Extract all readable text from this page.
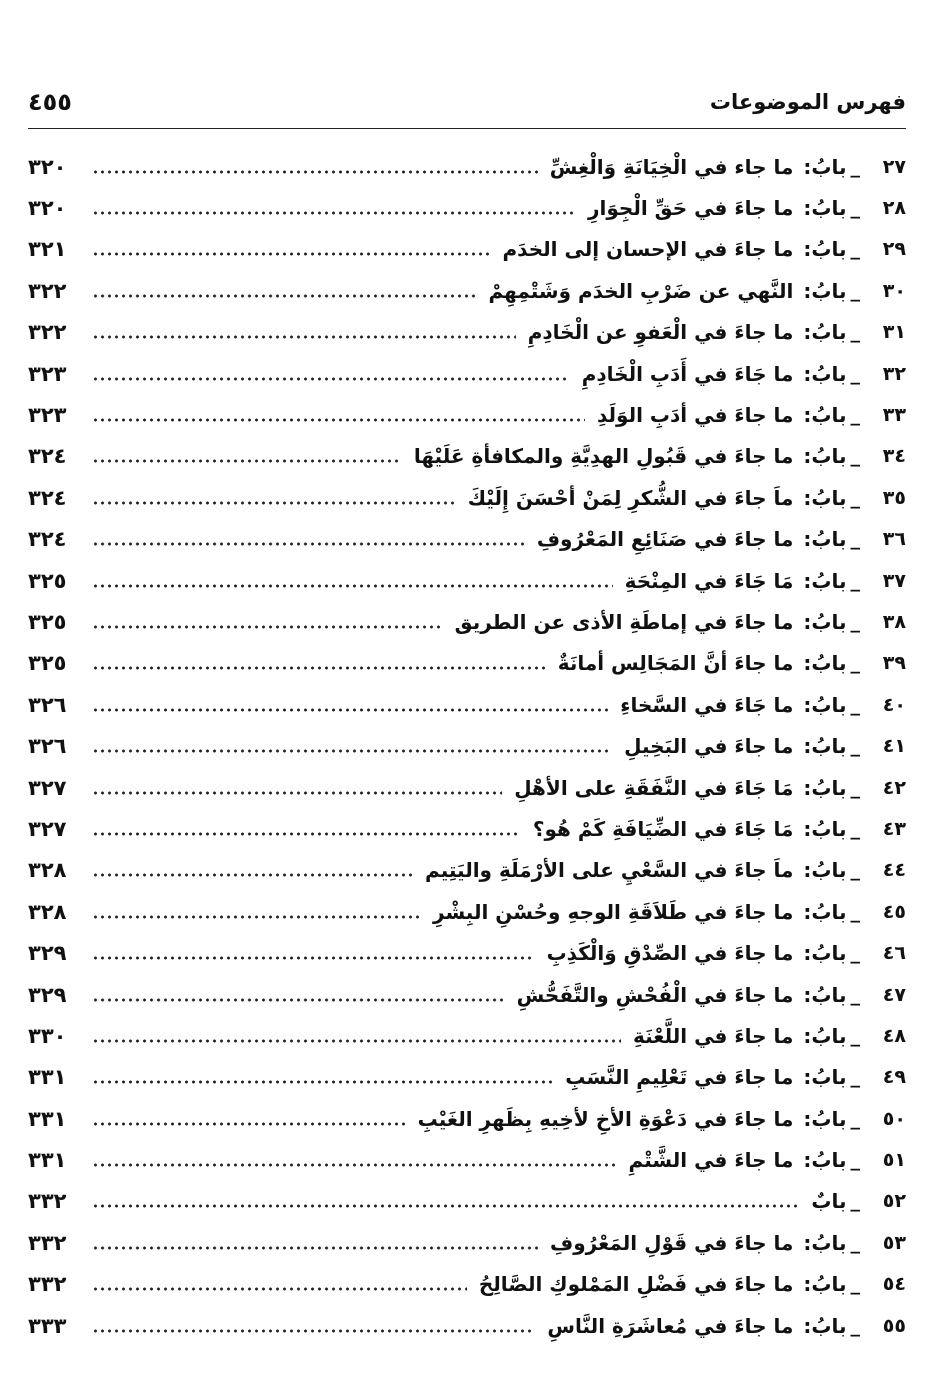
فهرس الموضوعات
٤٥٥
٢٧
_
بابُ
:
ما جاء في الْخِيَانَةِ وَالْغِشِّ
٣٢٠
٢٨
_
بابُ
:
ما جاءَ في حَقِّ الْجِوَارِ
٣٢٠
٢٩
_
بابُ
:
ما جاءَ في الإحسان إلى الخدَم
٣٢١
٣٠
_
بابُ
:
النَّهي عن ضَرْبِ الخدَم وَشَتْمِهِمْ
٣٢٢
٣١
_
بابُ
:
ما جاءَ في الْعَفوِ عن الْخَادِمِ
٣٢٢
٣٢
_
بابُ
:
ما جَاءَ في أَدَبِ الْخَادِمِ
٣٢٣
٣٣
_
بابُ
:
ما جاءَ في أدَبِ الوَلَدِ
٣٢٣
٣٤
_
بابُ
:
ما جاءَ في قَبُولِ الهدِيَّةِ والمكافأةِ عَلَيْهَا
٣٢٤
٣٥
_
بابُ
:
ماَ جاءَ في الشُّكرِ لِمَنْ أحْسَنَ إِلَيْكَ
٣٢٤
٣٦
_
بابُ
:
ما جاءَ في صَنَائِعِ المَعْرُوفِ
٣٢٤
٣٧
_
بابُ
:
مَا جَاءَ في المِنْحَةِ
٣٢٥
٣٨
_
بابُ
:
ما جاءَ في إماطَةِ الأذى عن الطريق
٣٢٥
٣٩
_
بابُ
:
ما جاءَ أنَّ المَجَالِس أمانَةٌ
٣٢٥
٤٠
_
بابُ
:
ما جَاءَ في السَّخاءِ
٣٢٦
٤١
_
بابُ
:
ما جاءَ في البَخِيلِ
٣٢٦
٤٢
_
بابُ
:
مَا جَاءَ في النَّفَقَةِ على الأهْلِ
٣٢٧
٤٣
_
بابُ
:
مَا جَاءَ في الضِّيَافَةِ كَمْ هُو؟
٣٢٧
٤٤
_
بابُ
:
ماَ جاءَ في السَّعْيِ على الأرْمَلَةِ واليَتِيم
٣٢٨
٤٥
_
بابُ
:
ما جاءَ في طَلاَقَةِ الوجهِ وحُسْنِ البِشْرِ
٣٢٨
٤٦
_
بابُ
:
ما جاءَ في الصِّدْقِ وَالْكَذِبِ
٣٢٩
٤٧
_
بابُ
:
ما جاءَ في الْفُحْشِ والتَّفَحُّشِ
٣٢٩
٤٨
_
بابُ
:
ما جاءَ في اللَّعْنَةِ
٣٣٠
٤٩
_
بابُ
:
ما جاءَ في تَعْلِيمِ النَّسَبِ
٣٣١
٥٠
_
بابُ
:
ما جاءَ في دَعْوَةِ الأخِ لأخِيهِ بِظَهرِ الغَيْبِ
٣٣١
٥١
_
بابُ
:
ما جاءَ في الشَّتْمِ
٣٣١
٥٢
_
بابٌ
٣٣٢
٥٣
_
بابُ
:
ما جاءَ في قَوْلِ المَعْرُوفِ
٣٣٢
٥٤
_
بابُ
:
ما جاءَ في فَضْلِ المَمْلوكِ الصَّالِحُ
٣٣٢
٥٥
_
بابُ
:
ما جاءَ في مُعاشَرَةِ النَّاسِ
٣٣٣
